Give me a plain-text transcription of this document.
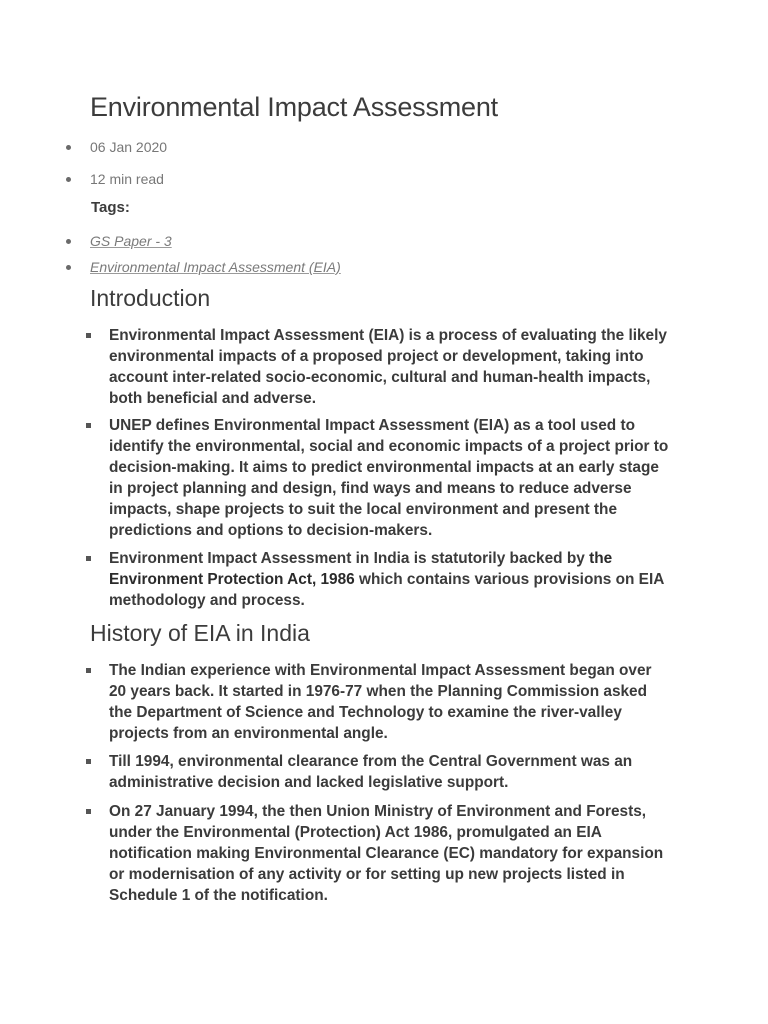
Environmental Impact Assessment
06 Jan 2020
12 min read
Tags:
GS Paper - 3
Environmental Impact Assessment (EIA)
Introduction
Environmental Impact Assessment (EIA) is a process of evaluating the likely environmental impacts of a proposed project or development, taking into account inter-related socio-economic, cultural and human-health impacts, both beneficial and adverse.
UNEP defines Environmental Impact Assessment (EIA) as a tool used to identify the environmental, social and economic impacts of a project prior to decision-making. It aims to predict environmental impacts at an early stage in project planning and design, find ways and means to reduce adverse impacts, shape projects to suit the local environment and present the predictions and options to decision-makers.
Environment Impact Assessment in India is statutorily backed by the Environment Protection Act, 1986 which contains various provisions on EIA methodology and process.
History of EIA in India
The Indian experience with Environmental Impact Assessment began over 20 years back. It started in 1976-77 when the Planning Commission asked the Department of Science and Technology to examine the river-valley projects from an environmental angle.
Till 1994, environmental clearance from the Central Government was an administrative decision and lacked legislative support.
On 27 January 1994, the then Union Ministry of Environment and Forests, under the Environmental (Protection) Act 1986, promulgated an EIA notification making Environmental Clearance (EC) mandatory for expansion or modernisation of any activity or for setting up new projects listed in Schedule 1 of the notification.
